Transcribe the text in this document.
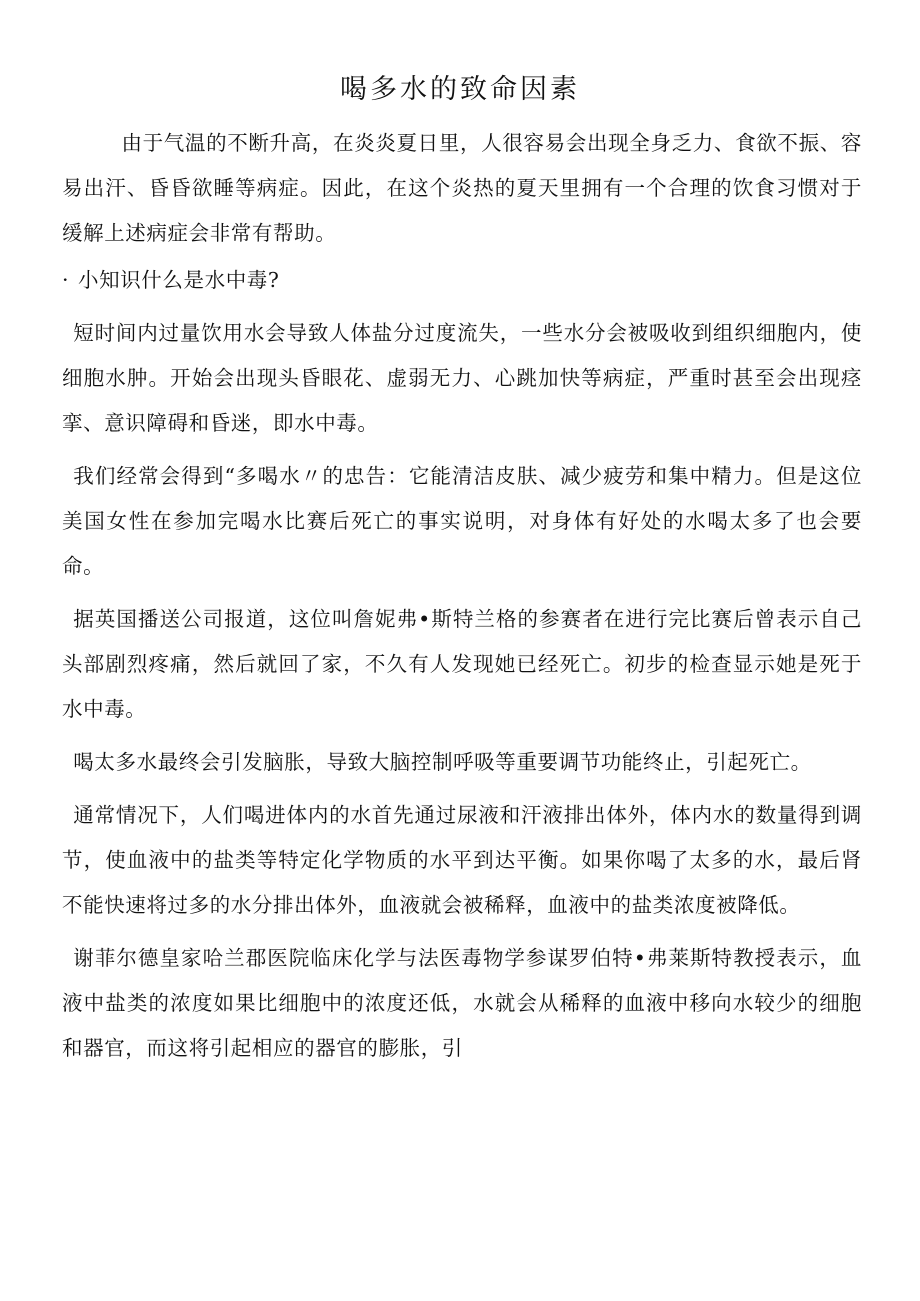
喝多水的致命因素

由于气温的不断升高，在炎炎夏日里，人很容易会出现全身乏力、食欲不振、容易出汗、昏昏欲睡等病症。因此，在这个炎热的夏天里拥有一个合理的饮食习惯对于缓解上述病症会非常有帮助。

· 小知识什么是水中毒?

短时间内过量饮用水会导致人体盐分过度流失，一些水分会被吸收到组织细胞内，使细胞水肿。开始会出现头昏眼花、虚弱无力、心跳加快等病症，严重时甚至会出现痉挛、意识障碍和昏迷，即水中毒。

我们经常会得到“多喝水〃的忠告：它能清洁皮肤、减少疲劳和集中精力。但是这位美国女性在参加完喝水比赛后死亡的事实说明，对身体有好处的水喝太多了也会要命。

据英国播送公司报道，这位叫詹妮弗•斯特兰格的参赛者在进行完比赛后曾表示自己头部剧烈疼痛，然后就回了家，不久有人发现她已经死亡。初步的检查显示她是死于水中毒。

喝太多水最终会引发脑胀，导致大脑控制呼吸等重要调节功能终止，引起死亡。

通常情况下，人们喝进体内的水首先通过尿液和汗液排出体外，体内水的数量得到调节，使血液中的盐类等特定化学物质的水平到达平衡。如果你喝了太多的水，最后肾不能快速将过多的水分排出体外，血液就会被稀释，血液中的盐类浓度被降低。

谢菲尔德皇家哈兰郡医院临床化学与法医毒物学参谋罗伯特•弗莱斯特教授表示，血液中盐类的浓度如果比细胞中的浓度还低，水就会从稀释的血液中移向水较少的细胞和器官，而这将引起相应的器官的膨胀，引
